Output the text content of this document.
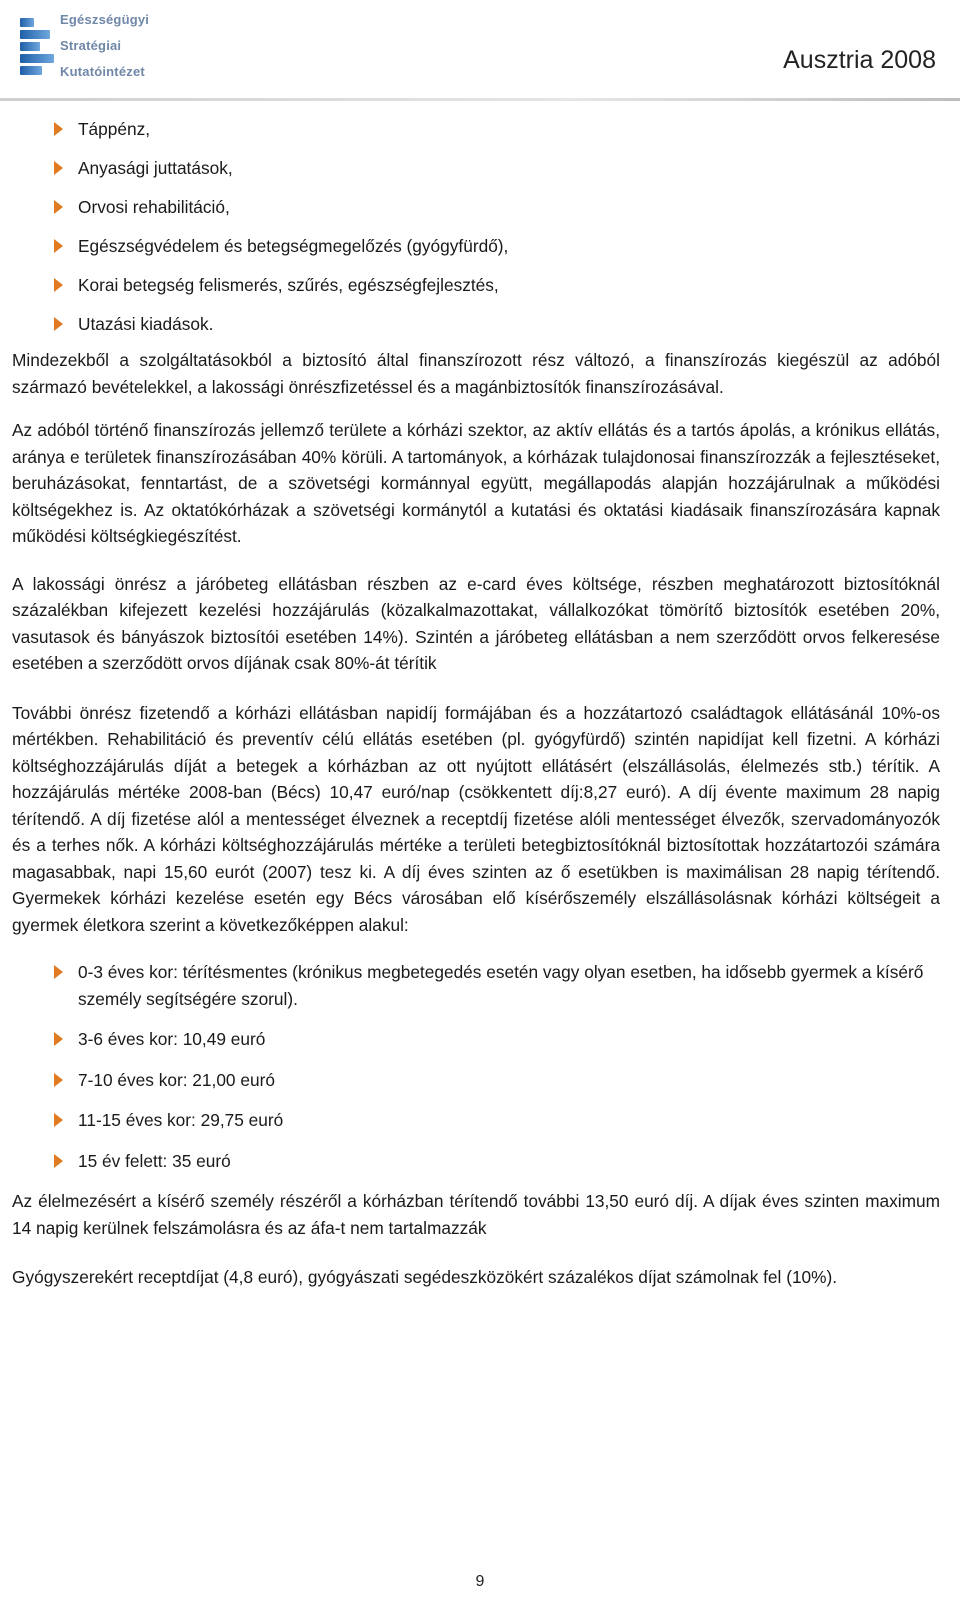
Egészségügyi
Stratégiai
Kutatóintézet	Ausztria 2008
Táppénz,
Anyasági juttatások,
Orvosi rehabilitáció,
Egészségvédelem és betegségmegelőzés (gyógyfürdő),
Korai betegség felismerés, szűrés, egészségfejlesztés,
Utazási kiadások.

Mindezekből a szolgáltatásokból a biztosító által finanszírozott rész változó, a finanszírozás kiegészül az adóból származó bevételekkel, a lakossági önrészfizetéssel és a magánbiztosítók finanszírozásával.

Az adóból történő finanszírozás jellemző területe a kórházi szektor, az aktív ellátás és a tartós ápolás, a krónikus ellátás, aránya e területek finanszírozásában 40% körüli. A tartományok, a kórházak tulajdonosai finanszírozzák a fejlesztéseket, beruházásokat, fenntartást, de a szövetségi kormánnyal együtt, megállapodás alapján hozzájárulnak a működési költségekhez is. Az oktatókórházak a szövetségi kormánytól a kutatási és oktatási kiadásaik finanszírozására kapnak működési költségkiegészítést.

A lakossági önrész a járóbeteg ellátásban részben az e-card éves költsége, részben meghatározott biztosítóknál százalékban kifejezett kezelési hozzájárulás (közalkalmazottakat, vállalkozókat tömörítő biztosítók esetében 20%, vasutasok és bányászok biztosítói esetében 14%). Szintén a járóbeteg ellátásban a nem szerződött orvos felkeresése esetében a szerződött orvos díjának csak 80%-át térítik

További önrész fizetendő a kórházi ellátásban napidíj formájában és a hozzátartozó családtagok ellátásánál 10%-os mértékben. Rehabilitáció és preventív célú ellátás esetében (pl. gyógyfürdő) szintén napidíjat kell fizetni. A kórházi költséghozzájárulás díját a betegek a kórházban az ott nyújtott ellátásért (elszállásolás, élelmezés stb.) térítik. A hozzájárulás mértéke 2008-ban (Bécs) 10,47 euró/nap (csökkentett díj:8,27 euró). A díj évente maximum 28 napig térítendő. A díj fizetése alól a mentességet élveznek a receptdíj fizetése alóli mentességet élvezők, szervadományozók és a terhes nők. A kórházi költséghozzájárulás mértéke a területi betegbiztosítóknál biztosítottak hozzátartozói számára magasabbak, napi 15,60 eurót (2007) tesz ki. A díj éves szinten az ő esetükben is maximálisan 28 napig térítendő. Gyermekek kórházi kezelése esetén egy Bécs városában elő kísérőszemély elszállásolásnak kórházi költségeit a gyermek életkora szerint a következőképpen alakul:

0-3 éves kor: térítésmentes (krónikus megbetegedés esetén vagy olyan esetben, ha idősebb gyermek a kísérő személy segítségére szorul).
3-6 éves kor: 10,49 euró
7-10 éves kor: 21,00 euró
11-15 éves kor: 29,75 euró
15 év felett: 35 euró

Az élelmezésért a kísérő személy részéről a kórházban térítendő további 13,50 euró díj. A díjak éves szinten maximum 14 napig kerülnek felszámolásra és az áfa-t nem tartalmazzák

Gyógyszerekért receptdíjat (4,8 euró), gyógyászati segédeszközökért százalékos díjat számolnak fel (10%).

9
